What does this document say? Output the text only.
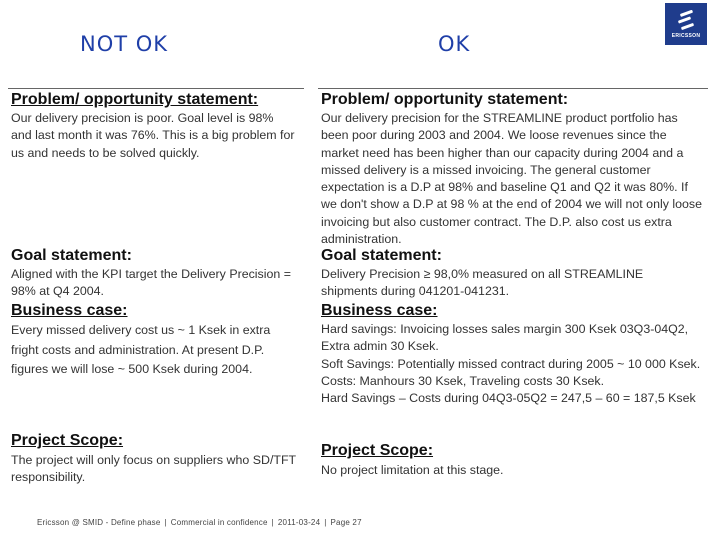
NOT OK	OK	ERICSSON
Problem/ opportunity statement:
Our delivery precision is poor. Goal level is 98% and last month it was 76%. This is a big problem for us and needs to be solved quickly.
Goal statement:
Aligned with the KPI target the Delivery Precision = 98% at Q4 2004.
Business case:
Every missed delivery cost us ~ 1 Ksek in extra fright costs and administration. At present D.P. figures we will lose ~ 500 Ksek during 2004.
Project Scope:
The project will only focus on suppliers who SD/TFT responsibility.
Problem/ opportunity statement:
Our delivery precision for the STREAMLINE product portfolio has been poor during 2003 and 2004. We loose revenues since the market need has been higher than our capacity during 2004 and a missed delivery is a missed invoicing. The general customer expectation is a D.P at 98% and baseline Q1 and Q2 it was 80%. If we don't show a D.P at 98 % at the end of 2004 we will not only loose invoicing but also customer contract. The D.P. also cost us extra administration.
Goal statement:
Delivery Precision ≥ 98,0% measured on all STREAMLINE shipments during 041201-041231.
Business case:
Hard savings: Invoicing losses sales margin 300 Ksek 03Q3-04Q2, Extra admin 30 Ksek.
Soft Savings: Potentially missed contract during 2005 ~ 10 000 Ksek.
Costs: Manhours 30 Ksek, Traveling costs 30 Ksek.
Hard Savings – Costs during 04Q3-05Q2 = 247,5 – 60 = 187,5 Ksek
Project Scope:
No project limitation at this stage.
Ericsson @ SMID - Define phase | Commercial in confidence | 2011-03-24 | Page 27
